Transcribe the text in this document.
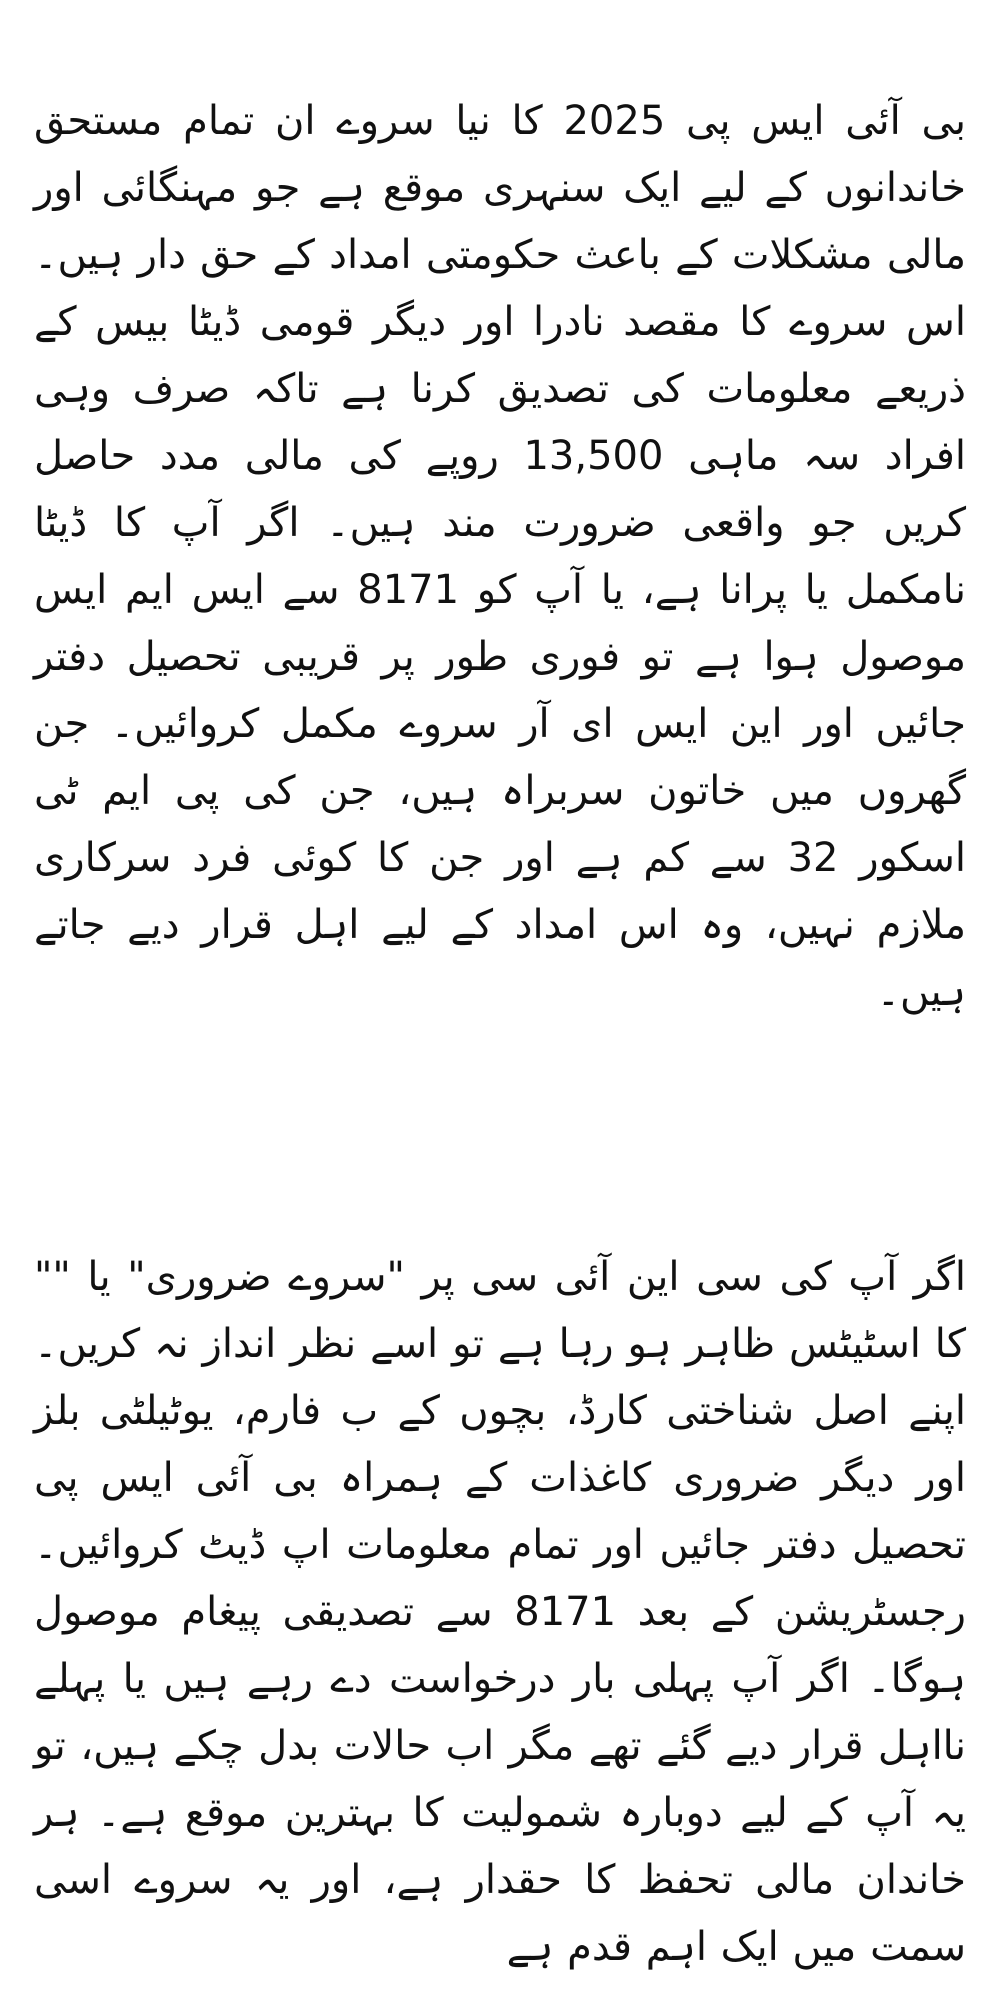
بی آئی ایس پی 2025 کا نیا سروے ان تمام مستحق خاندانوں کے لیے ایک سنہری موقع ہے جو مہنگائی اور مالی مشکلات کے باعث حکومتی امداد کے حق دار ہیں۔ اس سروے کا مقصد نادرا اور دیگر قومی ڈیٹا بیس کے ذریعے معلومات کی تصدیق کرنا ہے تاکہ صرف وہی افراد سہ ماہی 13,500 روپے کی مالی مدد حاصل کریں جو واقعی ضرورت مند ہیں۔ اگر آپ کا ڈیٹا نامکمل یا پرانا ہے، یا آپ کو 8171 سے ایس ایم ایس موصول ہوا ہے تو فوری طور پر قریبی تحصیل دفتر جائیں اور این ایس ای آر سروے مکمل کروائیں۔ جن گھروں میں خاتون سربراہ ہیں، جن کی پی ایم ٹی اسکور 32 سے کم ہے اور جن کا کوئی فرد سرکاری ملازم نہیں، وہ اس امداد کے لیے اہل قرار دیے جاتے ہیں۔

اگر آپ کی سی این آئی سی پر "سروے ضروری" یا "" کا اسٹیٹس ظاہر ہو رہا ہے تو اسے نظر انداز نہ کریں۔ اپنے اصل شناختی کارڈ، بچوں کے ب فارم، یوٹیلٹی بلز اور دیگر ضروری کاغذات کے ہمراہ بی آئی ایس پی تحصیل دفتر جائیں اور تمام معلومات اپ ڈیٹ کروائیں۔ رجسٹریشن کے بعد 8171 سے تصدیقی پیغام موصول ہوگا۔ اگر آپ پہلی بار درخواست دے رہے ہیں یا پہلے نااہل قرار دیے گئے تھے مگر اب حالات بدل چکے ہیں، تو یہ آپ کے لیے دوبارہ شمولیت کا بہترین موقع ہے۔ ہر خاندان مالی تحفظ کا حقدار ہے، اور یہ سروے اسی سمت میں ایک اہم قدم ہے
